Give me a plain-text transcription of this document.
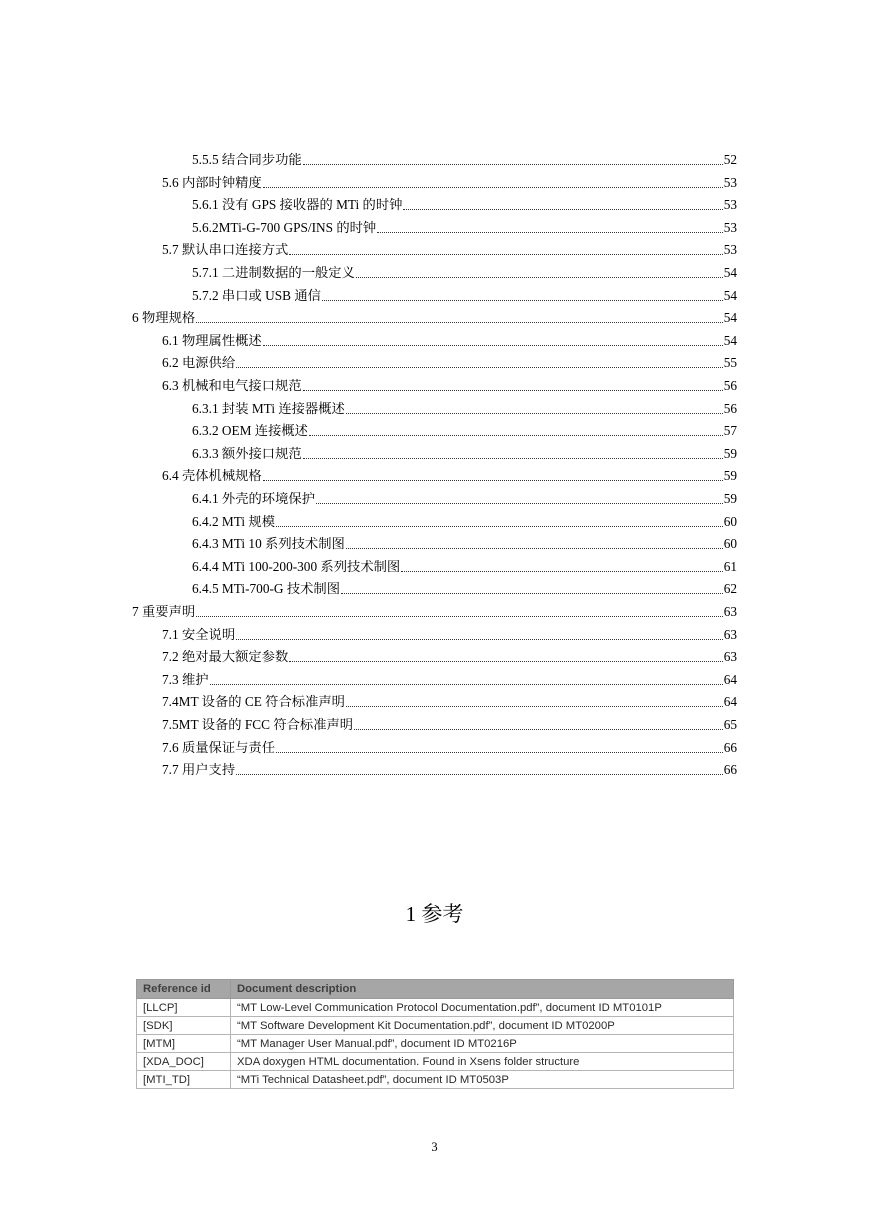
5.5.5 结合同步功能	52
5.6 内部时钟精度	53
5.6.1 没有 GPS 接收器的 MTi 的时钟	53
5.6.2MTi-G-700 GPS/INS 的时钟	53
5.7 默认串口连接方式	53
5.7.1 二进制数据的一般定义	54
5.7.2 串口或 USB 通信	54
6 物理规格	54
6.1 物理属性概述	54
6.2 电源供给	55
6.3 机械和电气接口规范	56
6.3.1 封装 MTi 连接器概述	56
6.3.2 OEM 连接概述	57
6.3.3 额外接口规范	59
6.4 壳体机械规格	59
6.4.1 外壳的环境保护	59
6.4.2 MTi 规模	60
6.4.3 MTi 10 系列技术制图	60
6.4.4 MTi 100-200-300 系列技术制图	61
6.4.5 MTi-700-G 技术制图	62
7 重要声明	63
7.1 安全说明	63
7.2 绝对最大额定参数	63
7.3 维护	64
7.4MT 设备的 CE 符合标准声明	64
7.5MT 设备的 FCC 符合标准声明	65
7.6 质量保证与责任	66
7.7 用户支持	66
1 参考
Reference id	Document description
[LLCP]	“MT Low-Level Communication Protocol Documentation.pdf”, document ID MT0101P
[SDK]	“MT Software Development Kit Documentation.pdf”, document ID MT0200P
[MTM]	“MT Manager User Manual.pdf”, document ID MT0216P
[XDA_DOC]	XDA doxygen HTML documentation. Found in Xsens folder structure
[MTI_TD]	“MTi Technical Datasheet.pdf”, document ID MT0503P
3
